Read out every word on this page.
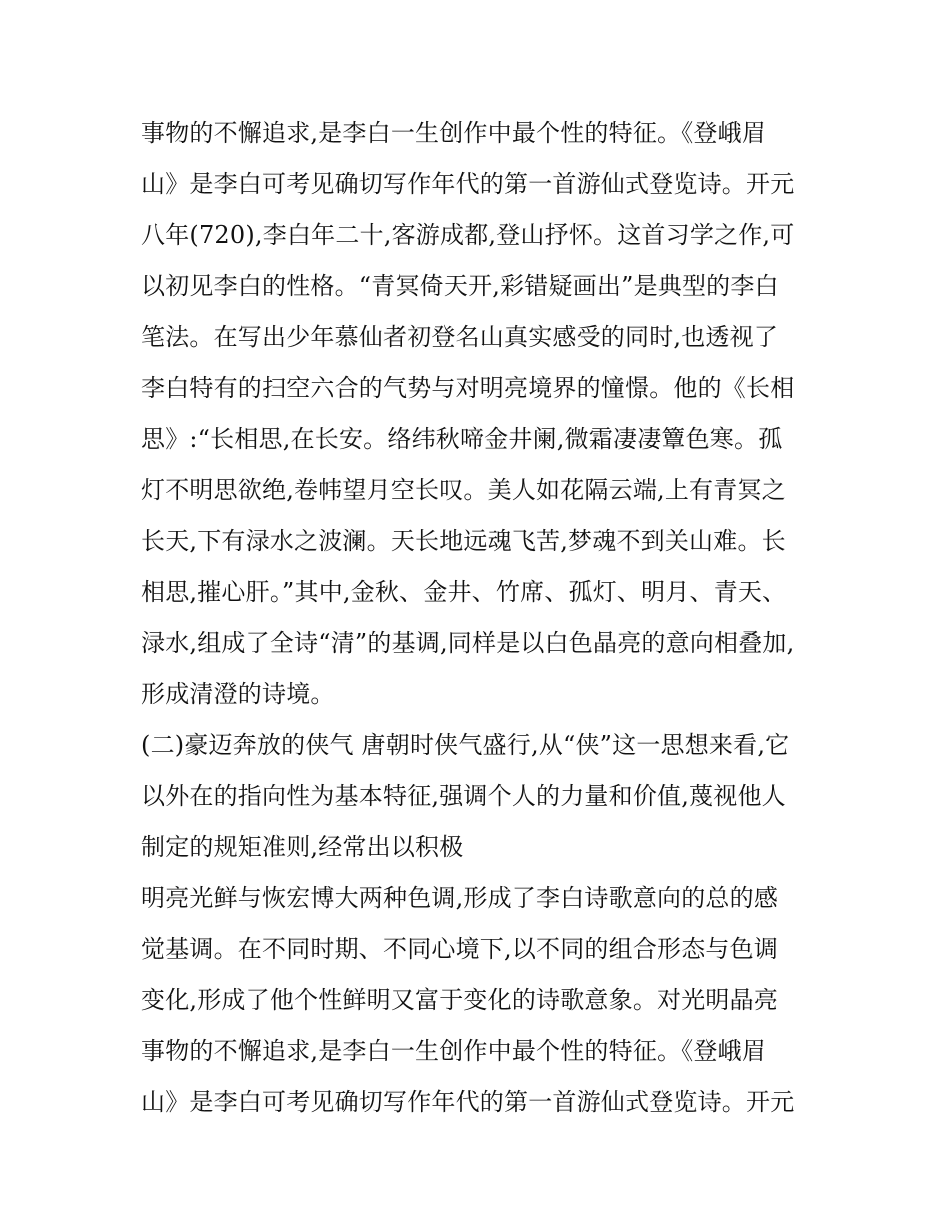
事物的不懈追求,是李白一生创作中最个性的特征。《登峨眉
山》是李白可考见确切写作年代的第一首游仙式登览诗。开元
八年(720),李白年二十,客游成都,登山抒怀。这首习学之作,可
以初见李白的性格。“青冥倚天开,彩错疑画出”是典型的李白
笔法。在写出少年慕仙者初登名山真实感受的同时,也透视了
李白特有的扫空六合的气势与对明亮境界的憧憬。他的《长相
思》:“长相思,在长安。络纬秋啼金井阑,微霜凄凄簟色寒。孤
灯不明思欲绝,卷帏望月空长叹。美人如花隔云端,上有青冥之
长天,下有渌水之波澜。天长地远魂飞苦,梦魂不到关山难。长
相思,摧心肝。”其中,金秋、金井、竹席、孤灯、明月、青天、
渌水,组成了全诗“清”的基调,同样是以白色晶亮的意向相叠加,
形成清澄的诗境。
(二)豪迈奔放的侠气 唐朝时侠气盛行,从“侠”这一思想来看,它
以外在的指向性为基本特征,强调个人的力量和价值,蔑视他人
制定的规矩准则,经常出以积极
明亮光鲜与恢宏博大两种色调,形成了李白诗歌意向的总的感
觉基调。在不同时期、不同心境下,以不同的组合形态与色调
变化,形成了他个性鲜明又富于变化的诗歌意象。对光明晶亮
事物的不懈追求,是李白一生创作中最个性的特征。《登峨眉
山》是李白可考见确切写作年代的第一首游仙式登览诗。开元
